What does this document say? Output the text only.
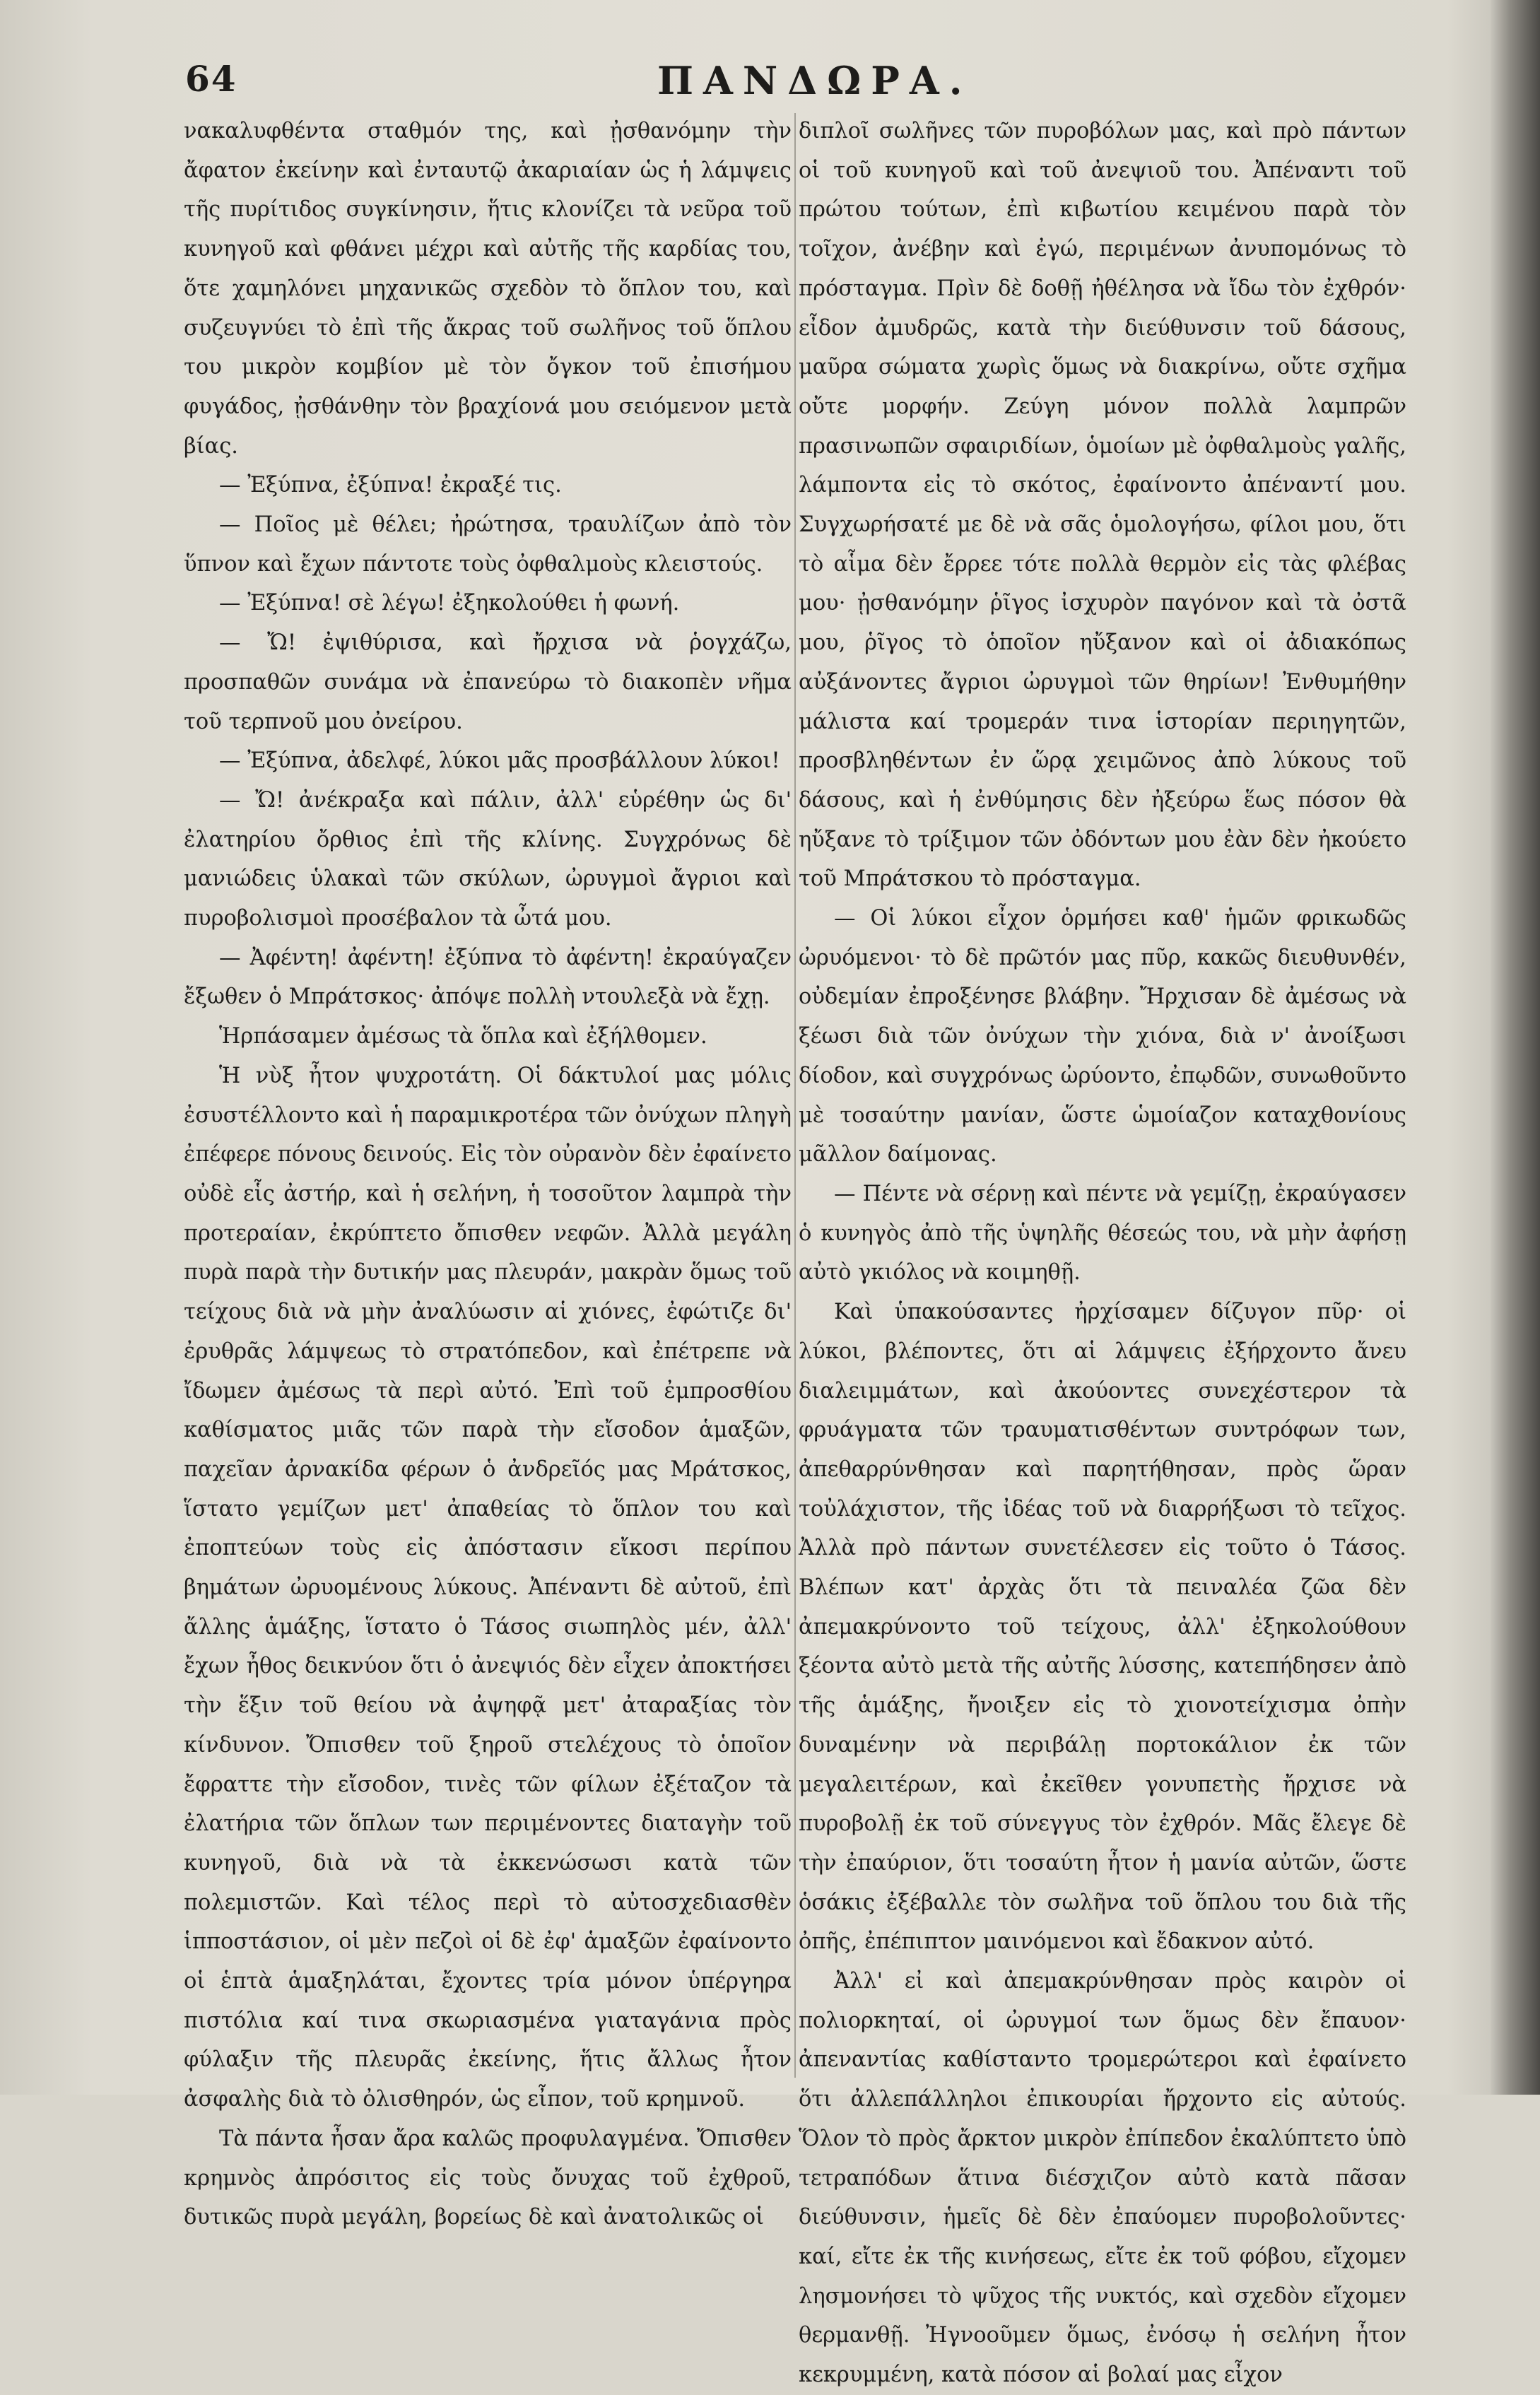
64	ΠΑΝΔΩΡΑ.

νακαλυφθέντα σταθμόν της, καὶ ᾐσθανόμην τὴν ἄφατον ἐκείνην καὶ ἐνταυτῷ ἀκαριαίαν ὡς ἡ λάμψεις τῆς πυρίτιδος συγκίνησιν, ἥτις κλονίζει τὰ νεῦρα τοῦ κυνηγοῦ καὶ φθάνει μέχρι καὶ αὐτῆς τῆς καρδίας του, ὅτε χαμηλόνει μηχανικῶς σχεδὸν τὸ ὅπλον του, καὶ συζευγνύει τὸ ἐπὶ τῆς ἄκρας τοῦ σωλῆνος τοῦ ὅπλου του μικρὸν κομβίον μὲ τὸν ὄγκον τοῦ ἐπισήμου φυγάδος, ᾐσθάνθην τὸν βραχίονά μου σειόμενον μετὰ βίας.

— Ἐξύπνα, ἐξύπνα! ἐκραξέ τις.

— Ποῖος μὲ θέλει; ἠρώτησα, τραυλίζων ἀπὸ τὸν ὕπνον καὶ ἔχων πάντοτε τοὺς ὀφθαλμοὺς κλειστούς.

— Ἐξύπνα! σὲ λέγω! ἐξηκολούθει ἡ φωνή.

— Ὤ! ἐψιθύρισα, καὶ ἤρχισα νὰ ῥογχάζω, προσπαθῶν συνάμα νὰ ἐπανεύρω τὸ διακοπὲν νῆμα τοῦ τερπνοῦ μου ὀνείρου.

— Ἐξύπνα, ἀδελφέ, λύκοι μᾶς προσβάλλουν λύκοι!

— Ὤ! ἀνέκραξα καὶ πάλιν, ἀλλ' εὑρέθην ὡς δι' ἐλατηρίου ὄρθιος ἐπὶ τῆς κλίνης. Συγχρόνως δὲ μανιώδεις ὑλακαὶ τῶν σκύλων, ὠρυγμοὶ ἄγριοι καὶ πυροβολισμοὶ προσέβαλον τὰ ὦτά μου.

— Ἀφέντη! ἀφέντη! ἐξύπνα τὸ ἀφέντη! ἐκραύγαζεν ἔξωθεν ὁ Μπράτσκος· ἀπόψε πολλὴ ντουλεξὰ νὰ ἔχῃ.

Ἡρπάσαμεν ἀμέσως τὰ ὅπλα καὶ ἐξήλθομεν.

Ἡ νὺξ ἦτον ψυχροτάτη. Οἱ δάκτυλοί μας μόλις ἐσυστέλλοντο καὶ ἡ παραμικροτέρα τῶν ὀνύχων πληγὴ ἐπέφερε πόνους δεινούς. Εἰς τὸν οὐρανὸν δὲν ἐφαίνετο οὐδὲ εἷς ἀστήρ, καὶ ἡ σελήνη, ἡ τοσοῦτον λαμπρὰ τὴν προτεραίαν, ἐκρύπτετο ὄπισθεν νεφῶν. Ἀλλὰ μεγάλη πυρὰ παρὰ τὴν δυτικήν μας πλευράν, μακρὰν ὅμως τοῦ τείχους διὰ νὰ μὴν ἀναλύωσιν αἱ χιόνες, ἐφώτιζε δι' ἐρυθρᾶς λάμψεως τὸ στρατόπεδον, καὶ ἐπέτρεπε νὰ ἴδωμεν ἀμέσως τὰ περὶ αὐτό. Ἐπὶ τοῦ ἐμπροσθίου καθίσματος μιᾶς τῶν παρὰ τὴν εἴσοδον ἁμαξῶν, παχεῖαν ἀρνακίδα φέρων ὁ ἀνδρεῖός μας Μράτσκος, ἵστατο γεμίζων μετ' ἀπαθείας τὸ ὅπλον του καὶ ἐποπτεύων τοὺς εἰς ἀπόστασιν εἴκοσι περίπου βημάτων ὠρυομένους λύκους. Ἀπέναντι δὲ αὐτοῦ, ἐπὶ ἄλλης ἁμάξης, ἵστατο ὁ Τάσος σιωπηλὸς μέν, ἀλλ' ἔχων ἦθος δεικνύον ὅτι ὁ ἀνεψιός δὲν εἶχεν ἀποκτήσει τὴν ἕξιν τοῦ θείου νὰ ἀψηφᾷ μετ' ἀταραξίας τὸν κίνδυνον. Ὄπισθεν τοῦ ξηροῦ στελέχους τὸ ὁποῖον ἔφραττε τὴν εἴσοδον, τινὲς τῶν φίλων ἐξέταζον τὰ ἐλατήρια τῶν ὅπλων των περιμένοντες διαταγὴν τοῦ κυνηγοῦ, διὰ νὰ τὰ ἐκκενώσωσι κατὰ τῶν πολεμιστῶν. Καὶ τέλος περὶ τὸ αὐτοσχεδιασθὲν ἱπποστάσιον, οἱ μὲν πεζοὶ οἱ δὲ ἐφ' ἁμαξῶν ἐφαίνοντο οἱ ἑπτὰ ἁμαξηλάται, ἔχοντες τρία μόνον ὑπέργηρα πιστόλια καί τινα σκωριασμένα γιαταγάνια πρὸς φύλαξιν τῆς πλευρᾶς ἐκείνης, ἥτις ἄλλως ἦτον ἀσφαλὴς διὰ τὸ ὀλισθηρόν, ὡς εἶπον, τοῦ κρημνοῦ.

Τὰ πάντα ἦσαν ἄρα καλῶς προφυλαγμένα. Ὄπισθεν κρημνὸς ἀπρόσιτος εἰς τοὺς ὄνυχας τοῦ ἐχθροῦ, δυτικῶς πυρὰ μεγάλη, βορείως δὲ καὶ ἀνατολικῶς οἱ

διπλοῖ σωλῆνες τῶν πυροβόλων μας, καὶ πρὸ πάντων οἱ τοῦ κυνηγοῦ καὶ τοῦ ἀνεψιοῦ του. Ἀπέναντι τοῦ πρώτου τούτων, ἐπὶ κιβωτίου κειμένου παρὰ τὸν τοῖχον, ἀνέβην καὶ ἐγώ, περιμένων ἀνυπομόνως τὸ πρόσταγμα. Πρὶν δὲ δοθῇ ἠθέλησα νὰ ἴδω τὸν ἐχθρόν· εἶδον ἀμυδρῶς, κατὰ τὴν διεύθυνσιν τοῦ δάσους, μαῦρα σώματα χωρὶς ὅμως νὰ διακρίνω, οὔτε σχῆμα οὔτε μορφήν. Ζεύγη μόνον πολλὰ λαμπρῶν πρασινωπῶν σφαιριδίων, ὁμοίων μὲ ὀφθαλμοὺς γαλῆς, λάμποντα εἰς τὸ σκότος, ἐφαίνοντο ἀπέναντί μου. Συγχωρήσατέ με δὲ νὰ σᾶς ὁμολογήσω, φίλοι μου, ὅτι τὸ αἷμα δὲν ἔρρεε τότε πολλὰ θερμὸν εἰς τὰς φλέβας μου· ᾐσθανόμην ῥῖγος ἰσχυρὸν παγόνον καὶ τὰ ὀστᾶ μου, ῥῖγος τὸ ὁποῖον ηὔξανον καὶ οἱ ἀδιακόπως αὐξάνοντες ἄγριοι ὠρυγμοὶ τῶν θηρίων! Ἐνθυμήθην μάλιστα καί τρομεράν τινα ἱστορίαν περιηγητῶν, προσβληθέντων ἐν ὥρᾳ χειμῶνος ἀπὸ λύκους τοῦ δάσους, καὶ ἡ ἐνθύμησις δὲν ἠξεύρω ἕως πόσον θὰ ηὔξανε τὸ τρίξιμον τῶν ὀδόντων μου ἐὰν δὲν ἠκούετο τοῦ Μπράτσκου τὸ πρόσταγμα.

— Οἱ λύκοι εἶχον ὁρμήσει καθ' ἡμῶν φρικωδῶς ὠρυόμενοι· τὸ δὲ πρῶτόν μας πῦρ, κακῶς διευθυνθέν, οὐδεμίαν ἐπροξένησε βλάβην. Ἤρχισαν δὲ ἀμέσως νὰ ξέωσι διὰ τῶν ὀνύχων τὴν χιόνα, διὰ ν' ἀνοίξωσι δίοδον, καὶ συγχρόνως ὠρύοντο, ἐπῳδῶν, συνωθοῦντο μὲ τοσαύτην μανίαν, ὥστε ὡμοίαζον καταχθονίους μᾶλλον δαίμονας.

— Πέντε νὰ σέρνῃ καὶ πέντε νὰ γεμίζῃ, ἐκραύγασεν ὁ κυνηγὸς ἀπὸ τῆς ὑψηλῆς θέσεώς του, νὰ μὴν ἀφήσῃ αὐτὸ γκιόλος νὰ κοιμηθῇ.

Καὶ ὑπακούσαντες ἠρχίσαμεν δίζυγον πῦρ· οἱ λύκοι, βλέποντες, ὅτι αἱ λάμψεις ἐξήρχοντο ἄνευ διαλειμμάτων, καὶ ἀκούοντες συνεχέστερον τὰ φρυάγματα τῶν τραυματισθέντων συντρόφων των, ἀπεθαρρύνθησαν καὶ παρητήθησαν, πρὸς ὥραν τοὐλάχιστον, τῆς ἰδέας τοῦ νὰ διαρρήξωσι τὸ τεῖχος. Ἀλλὰ πρὸ πάντων συνετέλεσεν εἰς τοῦτο ὁ Τάσος. Βλέπων κατ' ἀρχὰς ὅτι τὰ πειναλέα ζῶα δὲν ἀπεμακρύνοντο τοῦ τείχους, ἀλλ' ἐξηκολούθουν ξέοντα αὐτὸ μετὰ τῆς αὐτῆς λύσσης, κατεπήδησεν ἀπὸ τῆς ἁμάξης, ἤνοιξεν εἰς τὸ χιονοτείχισμα ὀπὴν δυναμένην νὰ περιβάλῃ πορτοκάλιον ἐκ τῶν μεγαλειτέρων, καὶ ἐκεῖθεν γονυπετὴς ἤρχισε νὰ πυροβολῇ ἐκ τοῦ σύνεγγυς τὸν ἐχθρόν. Μᾶς ἔλεγε δὲ τὴν ἐπαύριον, ὅτι τοσαύτη ἦτον ἡ μανία αὐτῶν, ὥστε ὁσάκις ἐξέβαλλε τὸν σωλῆνα τοῦ ὅπλου του διὰ τῆς ὀπῆς, ἐπέπιπτον μαινόμενοι καὶ ἔδακνον αὐτό.

Ἀλλ' εἰ καὶ ἀπεμακρύνθησαν πρὸς καιρὸν οἱ πολιορκηταί, οἱ ὠρυγμοί των ὅμως δὲν ἔπαυον· ἀπεναντίας καθίσταντο τρομερώτεροι καὶ ἐφαίνετο ὅτι ἀλλεπάλληλοι ἐπικουρίαι ἤρχοντο εἰς αὐτούς. Ὅλον τὸ πρὸς ἄρκτον μικρὸν ἐπίπεδον ἐκαλύπτετο ὑπὸ τετραπόδων ἅτινα διέσχιζον αὐτὸ κατὰ πᾶσαν διεύθυνσιν, ἡμεῖς δὲ δὲν ἐπαύομεν πυροβολοῦντες· καί, εἴτε ἐκ τῆς κινήσεως, εἴτε ἐκ τοῦ φόβου, εἴχομεν λησμονήσει τὸ ψῦχος τῆς νυκτός, καὶ σχεδὸν εἴχομεν θερμανθῇ. Ἠγνοοῦμεν ὅμως, ἐνόσῳ ἡ σελήνη ἦτον κεκρυμμένη, κατὰ πόσον αἱ βολαί μας εἶχον
